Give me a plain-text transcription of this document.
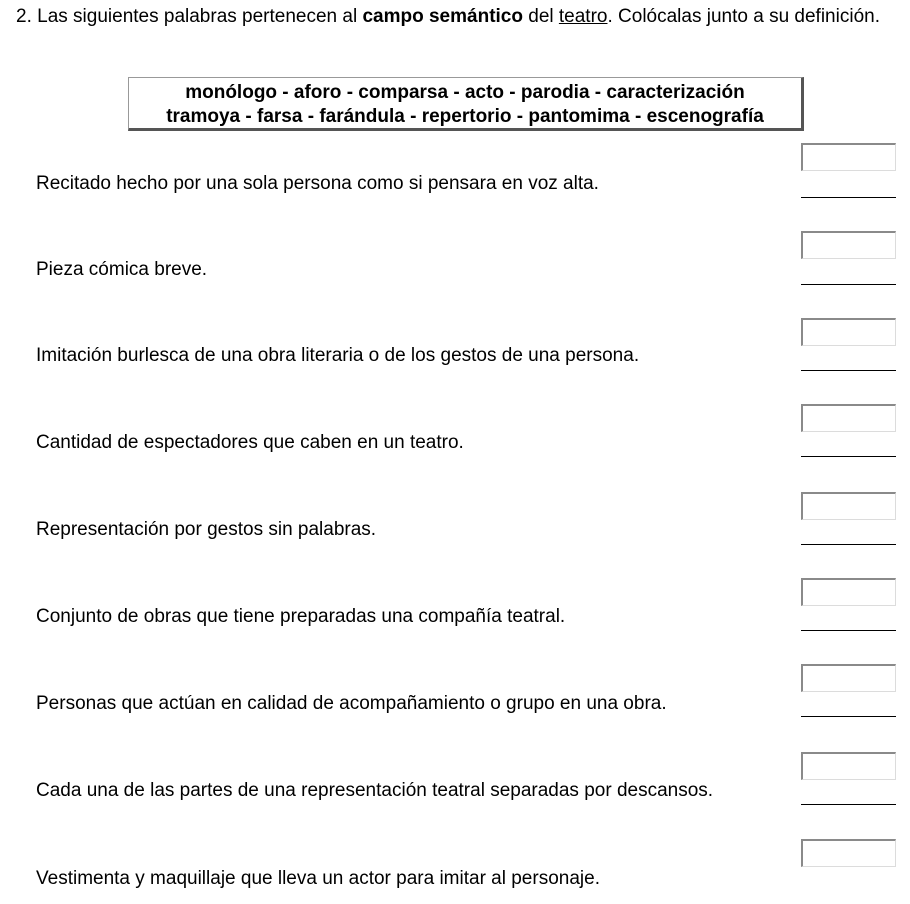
2. Las siguientes palabras pertenecen al campo semántico del teatro. Colócalas junto a su definición.
monólogo - aforo - comparsa - acto - parodia - caracterización
tramoya - farsa - farándula - repertorio - pantomima - escenografía
Recitado hecho por una sola persona como si pensara en voz alta.
Pieza cómica breve.
Imitación burlesca de una obra literaria o de los gestos de una persona.
Cantidad de espectadores que caben en un teatro.
Representación por gestos sin palabras.
Conjunto de obras que tiene preparadas una compañía teatral.
Personas que actúan en calidad de acompañamiento o grupo en una obra.
Cada una de las partes de una representación teatral separadas por descansos.
Vestimenta y maquillaje que lleva un actor para imitar al personaje.
